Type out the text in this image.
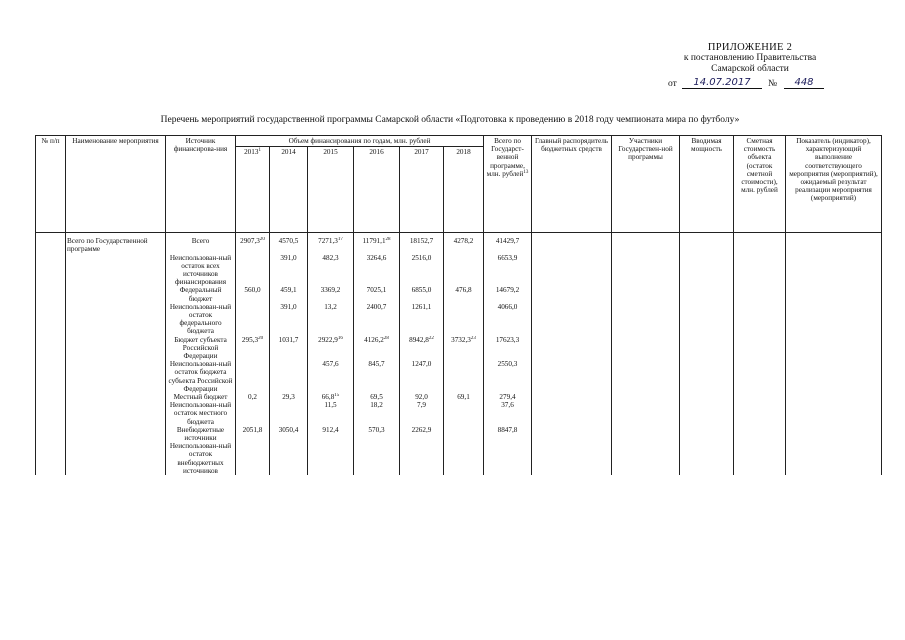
ПРИЛОЖЕНИЕ 2
к постановлению Правительства
Самарской области
от	14.07.2017	№	448
Перечень мероприятий государственной программы Самарской области «Подготовка к проведению в 2018 году чемпионата мира по футболу»
№ п/п	Наименование мероприятия	Источник финансирова-ния	Объем финансирования по годам, млн. рублей						Всего по Государст-венной программе, млн. рублей$^{13}$	Главный распорядитель бюджетных средств	Участники Государствен-ной программы	Вводимая мощность	Сметная стоимость объекта (остаток сметной стоимости), млн. рублей	Показатель (индикатор), характеризующий выполнение соответствующего мероприятия (мероприятий), ожидаемый результат реализации мероприятия (мероприятий)
			2013$^1$	2014	2015	2016	2017	2018						

	Всего по Государственной программе	Всего	2907,3$^{20}$	4570,5	7271,3$^{17}$	11791,1$^{28}$	18152,7	4278,2	41429,7					
		Неиспользован-ный остаток всех источников финансирования		391,0	482,3	3264,6	2516,0		6653,9					
		Федеральный бюджет	560,0	459,1	3369,2	7025,1	6855,0	476,8	14679,2					
		Неиспользован-ный остаток федерального бюджета		391,0	13,2	2400,7	1261,1		4066,0					
		Бюджет субъекта Российской Федерации	295,3$^{20}$	1031,7	2922,9$^{16}$	4126,2$^{28}$	8942,8$^{22}$	3732,3$^{23}$	17623,3					
		Неиспользован-ный остаток бюджета субъекта Российской Федерации			457,6	845,7	1247,0		2550,3					
		Местный бюджет	0,2	29,3	66,8$^{15}$	69,5	92,0	69,1	279,4					
		Неиспользован-ный остаток местного бюджета			11,5	18,2	7,9		37,6					
		Внебюджетные источники	2051,8	3050,4	912,4	570,3	2262,9		8847,8					
		Неиспользован-ный остаток внебюджетных источников												
